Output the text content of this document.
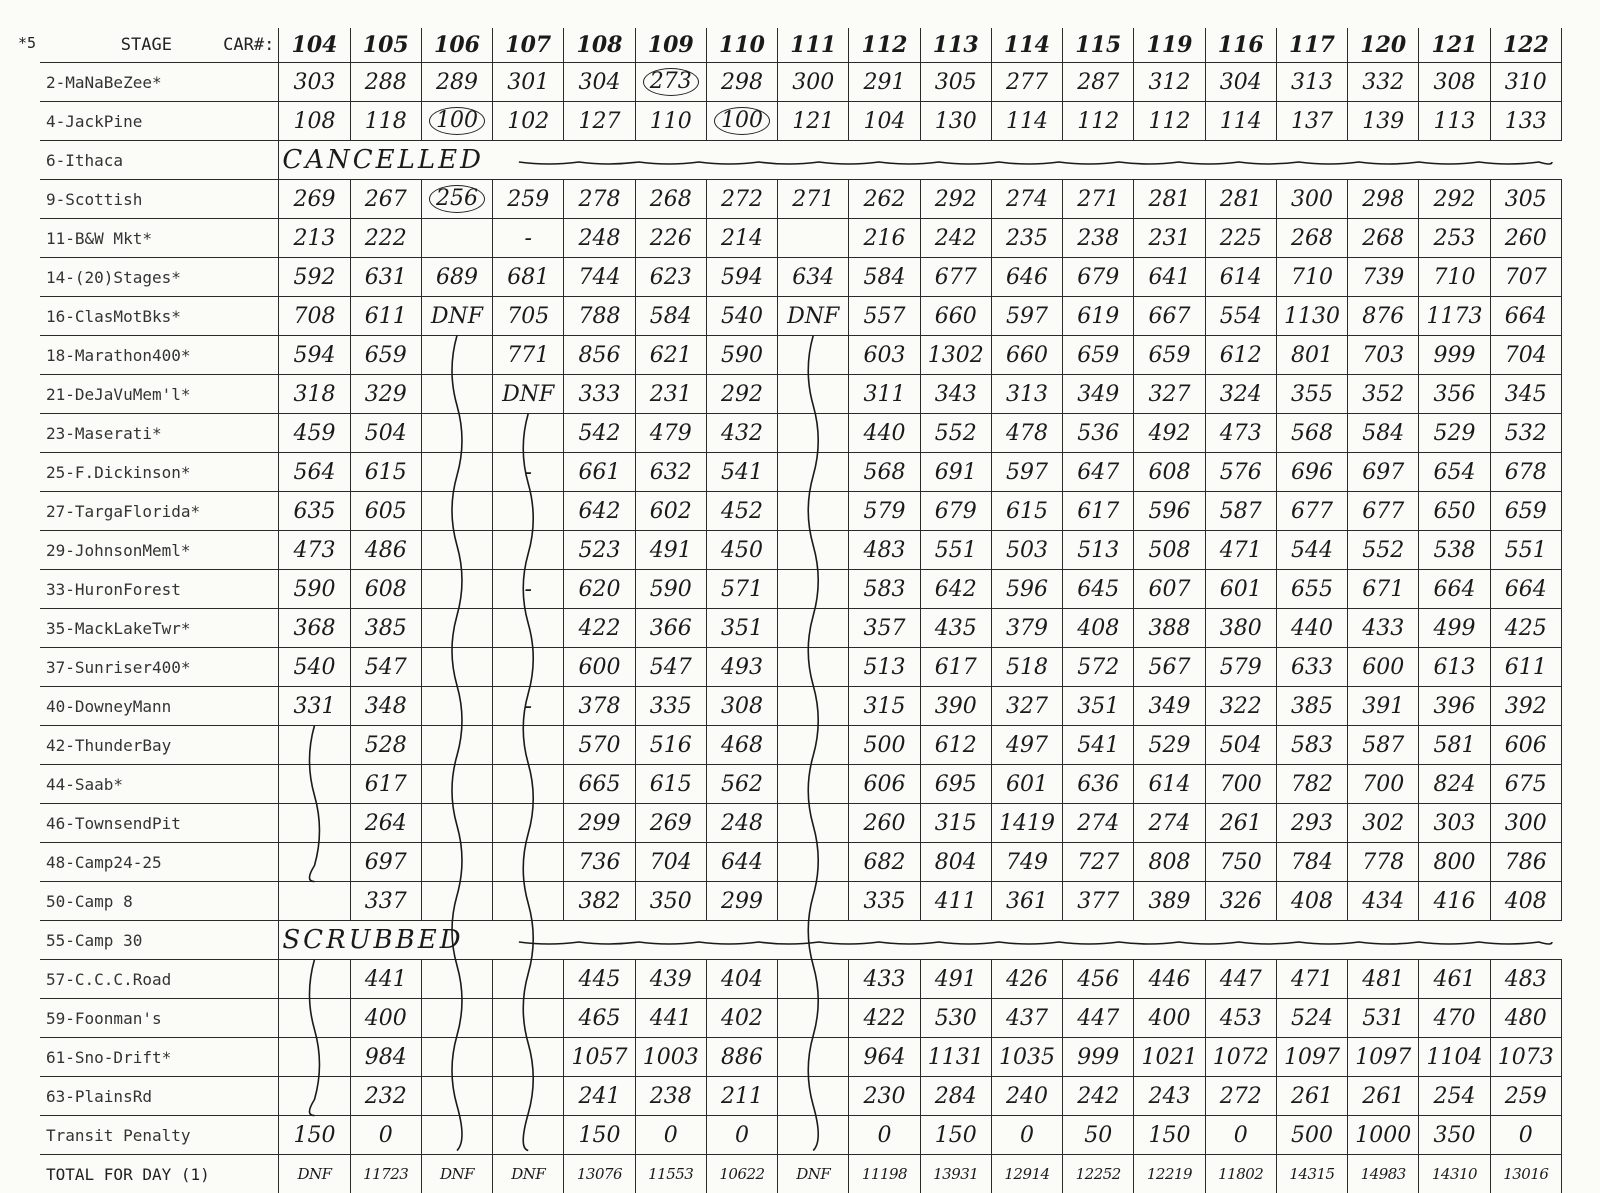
*5	STAGE CAR#:	104	105	106	107	108	109	110	111	112	113	114	115	119	116	117	120	121	122
2-MaNaBeZee*	303	288	289	301	304	273	298	300	291	305	277	287	312	304	313	332	308	310
4-JackPine	108	118	100	102	127	110	100	121	104	130	114	112	112	114	137	139	113	133
6-Ithaca	CANCELLED																	
9-Scottish	269	267	256	259	278	268	272	271	262	292	274	271	281	281	300	298	292	305
11-B&W Mkt*	213	222		-	248	226	214		216	242	235	238	231	225	268	268	253	260
14-(20)Stages*	592	631	689	681	744	623	594	634	584	677	646	679	641	614	710	739	710	707
16-ClasMotBks*	708	611	DNF	705	788	584	540	DNF	557	660	597	619	667	554	1130	876	1173	664
18-Marathon400*	594	659		771	856	621	590		603	1302	660	659	659	612	801	703	999	704
21-DeJaVuMem'l*	318	329		DNF	333	231	292		311	343	313	349	327	324	355	352	356	345
23-Maserati*	459	504			542	479	432		440	552	478	536	492	473	568	584	529	532
25-F.Dickinson*	564	615		-	661	632	541		568	691	597	647	608	576	696	697	654	678
27-TargaFlorida*	635	605			642	602	452		579	679	615	617	596	587	677	677	650	659
29-JohnsonMeml*	473	486			523	491	450		483	551	503	513	508	471	544	552	538	551
33-HuronForest	590	608		-	620	590	571		583	642	596	645	607	601	655	671	664	664
35-MackLakeTwr*	368	385			422	366	351		357	435	379	408	388	380	440	433	499	425
37-Sunriser400*	540	547			600	547	493		513	617	518	572	567	579	633	600	613	611
40-DowneyMann	331	348		-	378	335	308		315	390	327	351	349	322	385	391	396	392
42-ThunderBay		528			570	516	468		500	612	497	541	529	504	583	587	581	606
44-Saab*		617			665	615	562		606	695	601	636	614	700	782	700	824	675
46-TownsendPit		264			299	269	248		260	315	1419	274	274	261	293	302	303	300
48-Camp24-25		697			736	704	644		682	804	749	727	808	750	784	778	800	786
50-Camp 8		337			382	350	299		335	411	361	377	389	326	408	434	416	408
55-Camp 30	SCRUBBED																	
57-C.C.C.Road		441			445	439	404		433	491	426	456	446	447	471	481	461	483
59-Foonman's		400			465	441	402		422	530	437	447	400	453	524	531	470	480
61-Sno-Drift*		984			1057	1003	886		964	1131	1035	999	1021	1072	1097	1097	1104	1073
63-PlainsRd		232			241	238	211		230	284	240	242	243	272	261	261	254	259
Transit Penalty	150	0			150	0	0		0	150	0	50	150	0	500	1000	350	0
TOTAL FOR DAY (1)	DNF	11723	DNF	DNF	13076	11553	10622	DNF	11198	13931	12914	12252	12219	11802	14315	14983	14310	13016
